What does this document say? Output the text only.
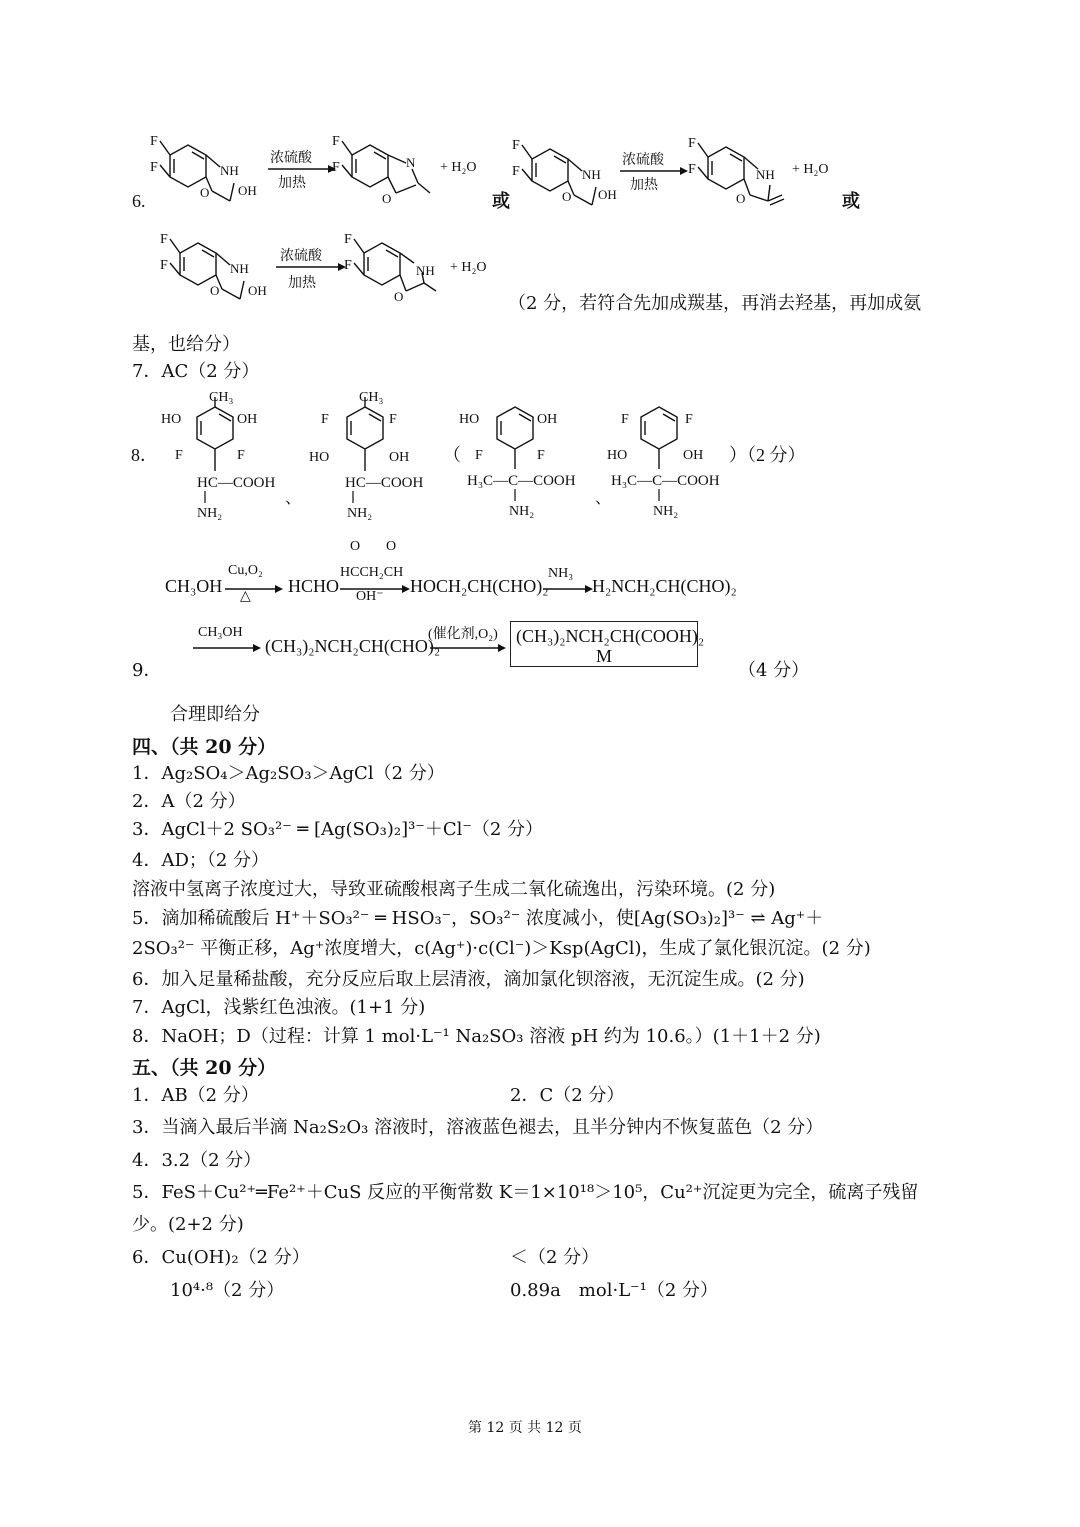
F
F	NH
O OH
浓硫酸
加热
F
F	N
O
+ H₂O
6.	或
F
F	NH
O OH
浓硫酸
加热
F
F	NH
O
+ H₂O
或
F
F	NH
O OH
浓硫酸
加热
F
F	NH
O
+ H₂O
（2 分，若符合先加成羰基，再消去羟基，再加成氨
基，也给分）
7．AC（2 分）
8．
CH₃
HO	OH
F	F
HC—COOH
NH₂
、
CH₃
F	F
HO	OH
HC—COOH
NH₂
（
HO	OH
F	F
H₃C—C—COOH
NH₂
、
F	F
HO	OH
H₃C—C—COOH
NH₂
）（2 分）
CH₃OH
Cu,O₂
△
HCHO
O O
HCCH₂CH
OH⁻
HOCH₂CH(CHO)₂
NH₃
H₂NCH₂CH(CHO)₂
CH₃OH
(CH₃)₂NCH₂CH(CHO)₂
(催化剂,O₂) (CH₃)₂NCH₂CH(COOH)₂
M
9．	（4 分）
合理即给分
四、（共 20 分）
1．Ag₂SO₄＞Ag₂SO₃＞AgCl（2 分）
2．A（2 分）
3．AgCl＋2 SO₃²⁻ ═ [Ag(SO₃)₂]³⁻＋Cl⁻（2 分）
4．AD；（2 分）
溶液中氢离子浓度过大，导致亚硫酸根离子生成二氧化硫逸出，污染环境。(2 分)
5．滴加稀硫酸后 H⁺＋SO₃²⁻ ═ HSO₃⁻，SO₃²⁻ 浓度减小，使[Ag(SO₃)₂]³⁻ ⇌ Ag⁺＋
2SO₃²⁻ 平衡正移，Ag⁺浓度增大，c(Ag⁺)·c(Cl⁻)＞Ksp(AgCl)，生成了氯化银沉淀。(2 分)
6．加入足量稀盐酸，充分反应后取上层清液，滴加氯化钡溶液，无沉淀生成。(2 分)
7．AgCl，浅紫红色浊液。(1+1 分)
8．NaOH；D（过程：计算 1 mol·L⁻¹ Na₂SO₃ 溶液 pH 约为 10.6。）(1＋1＋2 分)
五、（共 20 分）
1．AB（2 分）	2．C（2 分）
3．当滴入最后半滴 Na₂S₂O₃ 溶液时，溶液蓝色褪去，且半分钟内不恢复蓝色（2 分）
4．3.2（2 分）
5．FeS＋Cu²⁺═Fe²⁺＋CuS 反应的平衡常数 K＝1×10¹⁸＞10⁵，Cu²⁺沉淀更为完全，硫离子残留
少。(2+2 分)
6．Cu(OH)₂（2 分）	＜（2 分）
10⁴·⁸（2 分）	0.89a　mol·L⁻¹（2 分）
第 12 页 共 12 页
